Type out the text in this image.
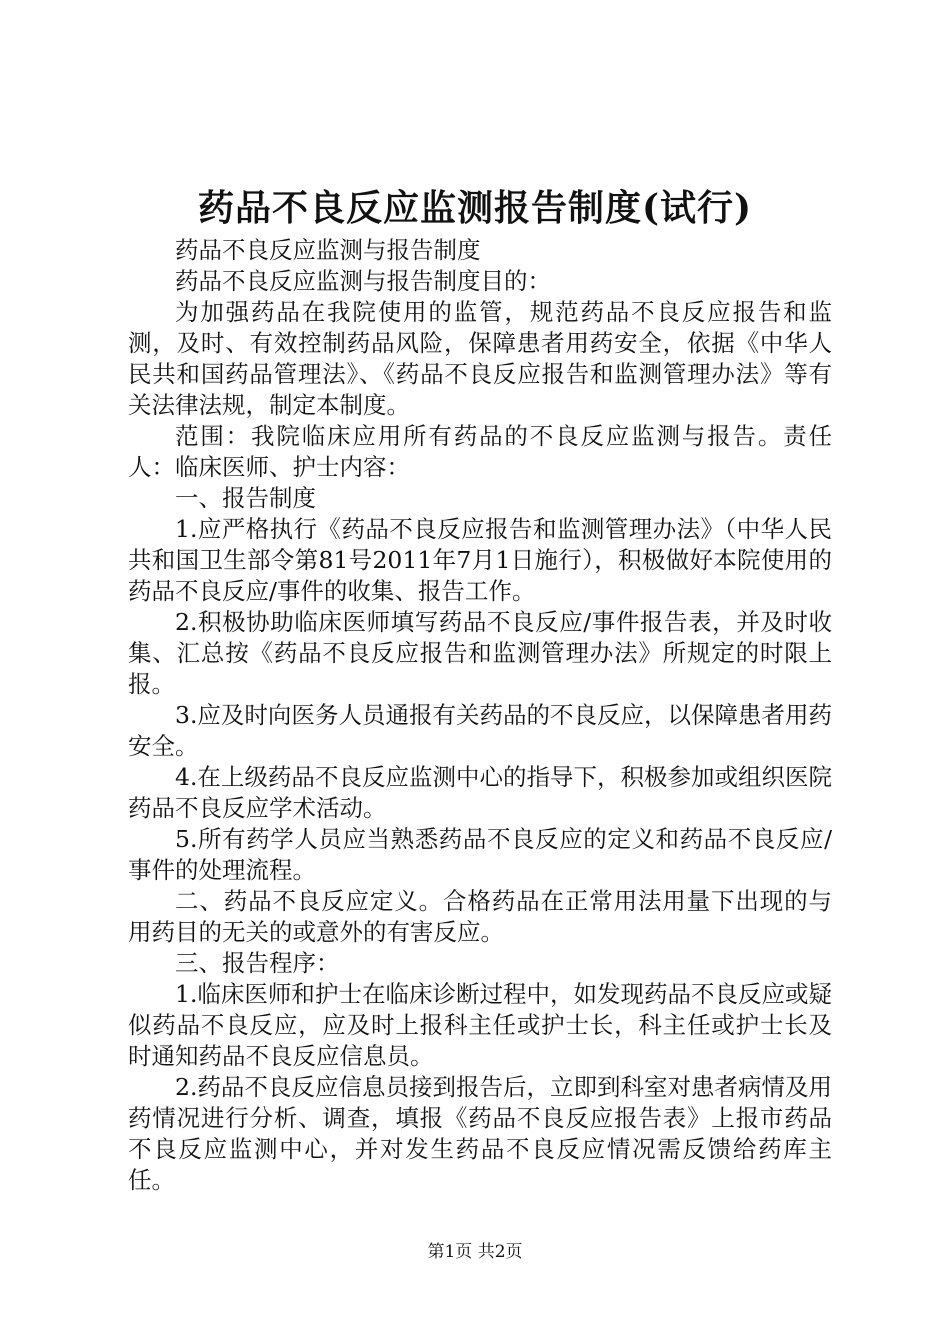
药品不良反应监测报告制度(试行)

药品不良反应监测与报告制度

药品不良反应监测与报告制度目的：

为加强药品在我院使用的监管，规范药品不良反应报告和监测，及时、有效控制药品风险，保障患者用药安全，依据《中华人民共和国药品管理法》、《药品不良反应报告和监测管理办法》等有关法律法规，制定本制度。

范围：我院临床应用所有药品的不良反应监测与报告。责任人：临床医师、护士内容：

一、报告制度

1.应严格执行《药品不良反应报告和监测管理办法》（中华人民共和国卫生部令第81号2011年7月1日施行），积极做好本院使用的药品不良反应/事件的收集、报告工作。

2.积极协助临床医师填写药品不良反应/事件报告表，并及时收集、汇总按《药品不良反应报告和监测管理办法》所规定的时限上报。

3.应及时向医务人员通报有关药品的不良反应，以保障患者用药安全。

4.在上级药品不良反应监测中心的指导下，积极参加或组织医院药品不良反应学术活动。

5.所有药学人员应当熟悉药品不良反应的定义和药品不良反应/事件的处理流程。

二、药品不良反应定义。合格药品在正常用法用量下出现的与用药目的无关的或意外的有害反应。

三、报告程序：

1.临床医师和护士在临床诊断过程中，如发现药品不良反应或疑似药品不良反应，应及时上报科主任或护士长，科主任或护士长及时通知药品不良反应信息员。

2.药品不良反应信息员接到报告后，立即到科室对患者病情及用药情况进行分析、调查，填报《药品不良反应报告表》上报市药品不良反应监测中心，并对发生药品不良反应情况需反馈给药库主任。

第1页 共2页
